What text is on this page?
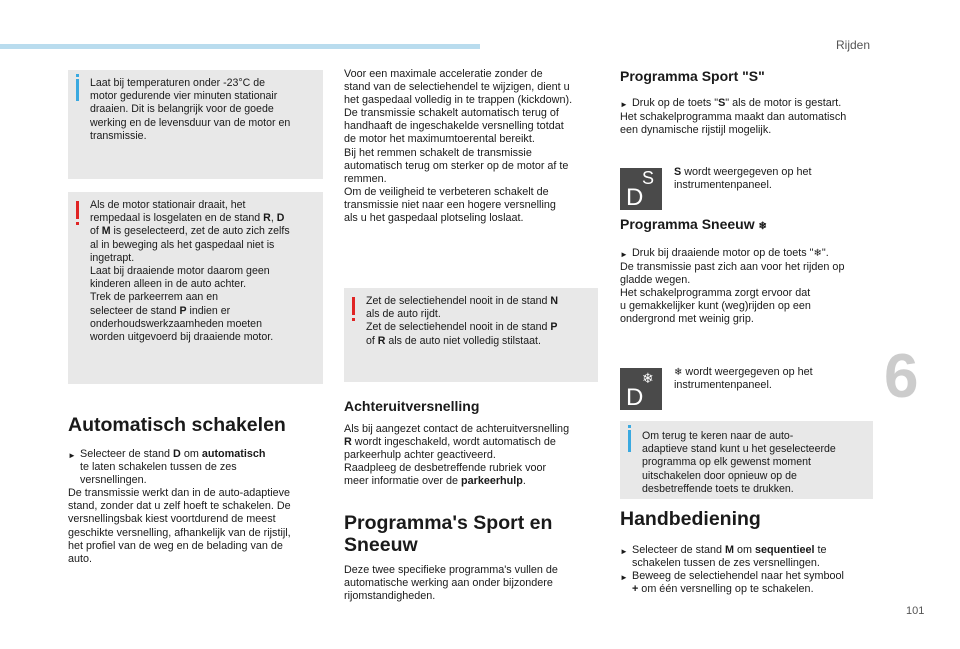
Rijden
6
101

Laat bij temperaturen onder -23°C de

motor gedurende vier minuten stationair

draaien. Dit is belangrijk voor de goede

werking en de levensduur van de motor en

transmissie.

Als de motor stationair draait, het

rempedaal is losgelaten en de stand R, D

of M is geselecteerd, zet de auto zich zelfs

al in beweging als het gaspedaal niet is

ingetrapt.

Laat bij draaiende motor daarom geen

kinderen alleen in de auto achter.

Trek de parkeerrem aan en

selecteer de stand P indien er

onderhoudswerkzaamheden moeten

worden uitgevoerd bij draaiende motor.

Automatisch schakelen
► Selecteer de stand D om automatisch

te laten schakelen tussen de zes

versnellingen.

De transmissie werkt dan in de auto-adaptieve

stand, zonder dat u zelf hoeft te schakelen. De

versnellingsbak kiest voortdurend de meest

geschikte versnelling, afhankelijk van de rijstijl,

het profiel van de weg en de belading van de

auto.

Voor een maximale acceleratie zonder de

stand van de selectiehendel te wijzigen, dient u

het gaspedaal volledig in te trappen (kickdown).

De transmissie schakelt automatisch terug of

handhaaft de ingeschakelde versnelling totdat

de motor het maximumtoerental bereikt.

Bij het remmen schakelt de transmissie

automatisch terug om sterker op de motor af te

remmen.

Om de veiligheid te verbeteren schakelt de

transmissie niet naar een hogere versnelling

als u het gaspedaal plotseling loslaat.

Zet de selectiehendel nooit in de stand N

als de auto rijdt.

Zet de selectiehendel nooit in de stand P

of R als de auto niet volledig stilstaat.

Achteruitversnelling

Als bij aangezet contact de achteruitversnelling

R wordt ingeschakeld, wordt automatisch de

parkeerhulp achter geactiveerd.

Raadpleeg de desbetreffende rubriek voor

meer informatie over de parkeerhulp.

Programma's Sport en
Sneeuw

Deze twee specifieke programma's vullen de

automatische werking aan onder bijzondere

rijomstandigheden.

Programma Sport "S"
► Druk op de toets "S" als de motor is gestart.

Het schakelprogramma maakt dan automatisch

een dynamische rijstijl mogelijk.

S
D

S wordt weergegeven op het

instrumentenpaneel.

Programma Sneeuw ❄
► Druk bij draaiende motor op de toets "❄".

De transmissie past zich aan voor het rijden op

gladde wegen.

Het schakelprogramma zorgt ervoor dat

u gemakkelijker kunt (weg)rijden op een

ondergrond met weinig grip.

❄
D

❄ wordt weergegeven op het

instrumentenpaneel.

Om terug te keren naar de auto-

adaptieve stand kunt u het geselecteerde

programma op elk gewenst moment

uitschakelen door opnieuw op de

desbetreffende toets te drukken.

Handbediening
► Selecteer de stand M om sequentieel te

schakelen tussen de zes versnellingen.

► Beweeg de selectiehendel naar het symbool

+ om één versnelling op te schakelen.
